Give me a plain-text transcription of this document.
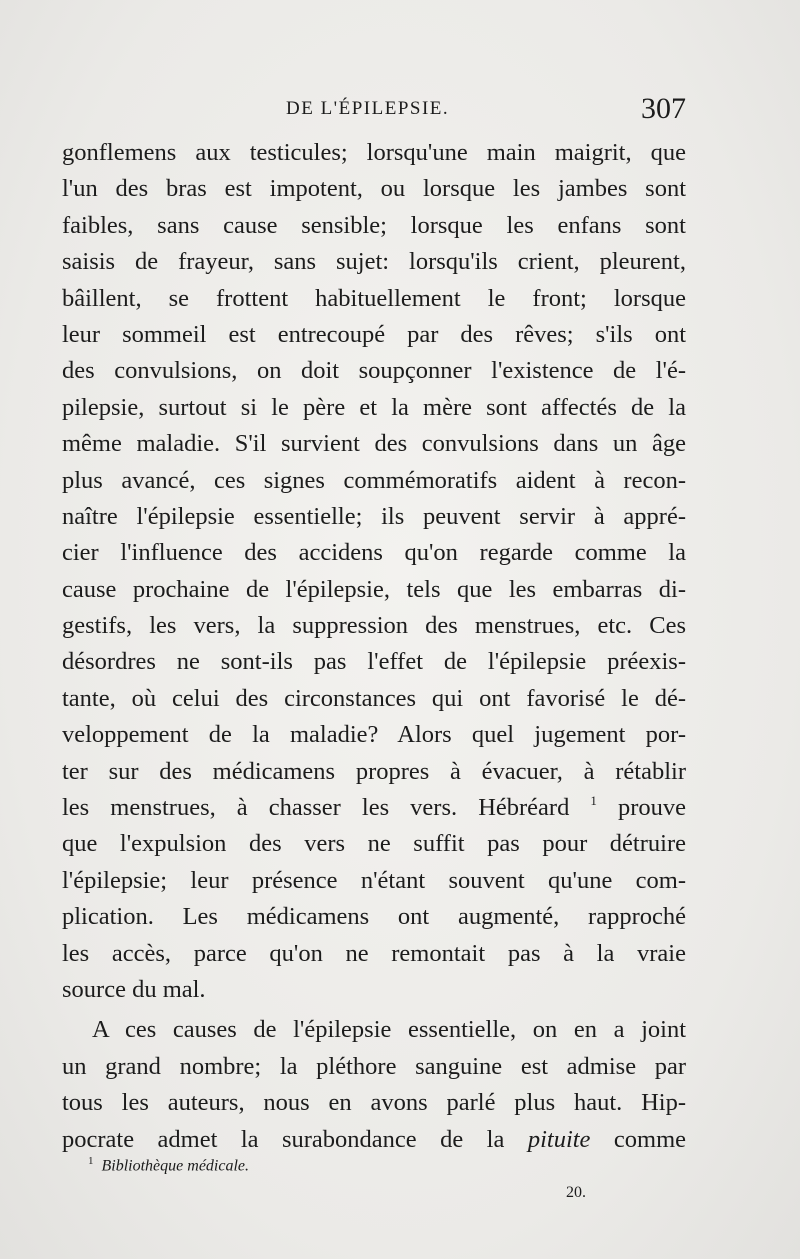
DE L'ÉPILEPSIE.	307
gonflemens aux testicules; lorsqu'une main maigrit, que
l'un des bras est impotent, ou lorsque les jambes sont
faibles, sans cause sensible; lorsque les enfans sont
saisis de frayeur, sans sujet: lorsqu'ils crient, pleurent,
bâillent, se frottent habituellement le front; lorsque
leur sommeil est entrecoupé par des rêves; s'ils ont
des convulsions, on doit soupçonner l'existence de l'é-
pilepsie, surtout si le père et la mère sont affectés de la
même maladie. S'il survient des convulsions dans un âge
plus avancé, ces signes commémoratifs aident à recon-
naître l'épilepsie essentielle; ils peuvent servir à appré-
cier l'influence des accidens qu'on regarde comme la
cause prochaine de l'épilepsie, tels que les embarras di-
gestifs, les vers, la suppression des menstrues, etc. Ces
désordres ne sont-ils pas l'effet de l'épilepsie préexis-
tante, où celui des circonstances qui ont favorisé le dé-
veloppement de la maladie? Alors quel jugement por-
ter sur des médicamens propres à évacuer, à rétablir
les menstrues, à chasser les vers. Hébréard $^1$ prouve
que l'expulsion des vers ne suffit pas pour détruire
l'épilepsie; leur présence n'étant souvent qu'une com-
plication. Les médicamens ont augmenté, rapproché
les accès, parce qu'on ne remontait pas à la vraie
source du mal.
A ces causes de l'épilepsie essentielle, on en a joint
un grand nombre; la pléthore sanguine est admise par
tous les auteurs, nous en avons parlé plus haut. Hip-
pocrate admet la surabondance de la pituite comme
$^1$ Bibliothèque médicale.
20.
